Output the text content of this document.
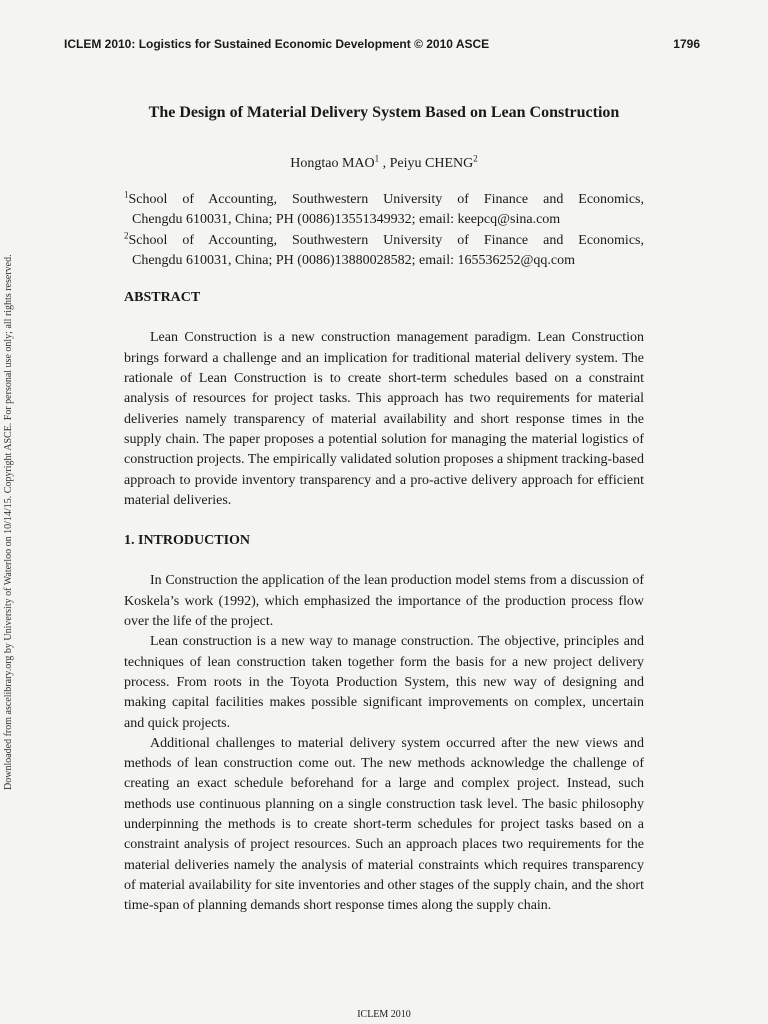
ICLEM 2010: Logistics for Sustained Economic Development © 2010 ASCE	1796
Downloaded from ascelibrary.org by University of Waterloo on 10/14/15. Copyright ASCE. For personal use only; all rights reserved.

The Design of Material Delivery System Based on Lean Construction

Hongtao MAO$^1$ , Peiyu CHENG$^2$

$^1$School of Accounting, Southwestern University of Finance and Economics,

Chengdu 610031, China; PH (0086)13551349932; email: keepcq@sina.com

$^2$School of Accounting, Southwestern University of Finance and Economics,

Chengdu 610031, China; PH (0086)13880028582; email: 165536252@qq.com

ABSTRACT

Lean Construction is a new construction management paradigm. Lean Construction brings forward a challenge and an implication for traditional material delivery system. The rationale of Lean Construction is to create short-term schedules based on a constraint analysis of resources for project tasks. This approach has two requirements for material deliveries namely transparency of material availability and short response times in the supply chain. The paper proposes a potential solution for managing the material logistics of construction projects. The empirically validated solution proposes a shipment tracking-based approach to provide inventory transparency and a pro-active delivery approach for efficient material deliveries.

1. INTRODUCTION

In Construction the application of the lean production model stems from a discussion of Koskela’s work (1992), which emphasized the importance of the production process flow over the life of the project.

Lean construction is a new way to manage construction. The objective, principles and techniques of lean construction taken together form the basis for a new project delivery process. From roots in the Toyota Production System, this new way of designing and making capital facilities makes possible significant improvements on complex, uncertain and quick projects.

Additional challenges to material delivery system occurred after the new views and methods of lean construction come out. The new methods acknowledge the challenge of creating an exact schedule beforehand for a large and complex project. Instead, such methods use continuous planning on a single construction task level. The basic philosophy underpinning the methods is to create short-term schedules for project tasks based on a constraint analysis of project resources. Such an approach places two requirements for the material deliveries namely the analysis of material constraints which requires transparency of material availability for site inventories and other stages of the supply chain, and the short time-span of planning demands short response times along the supply chain.

ICLEM 2010
